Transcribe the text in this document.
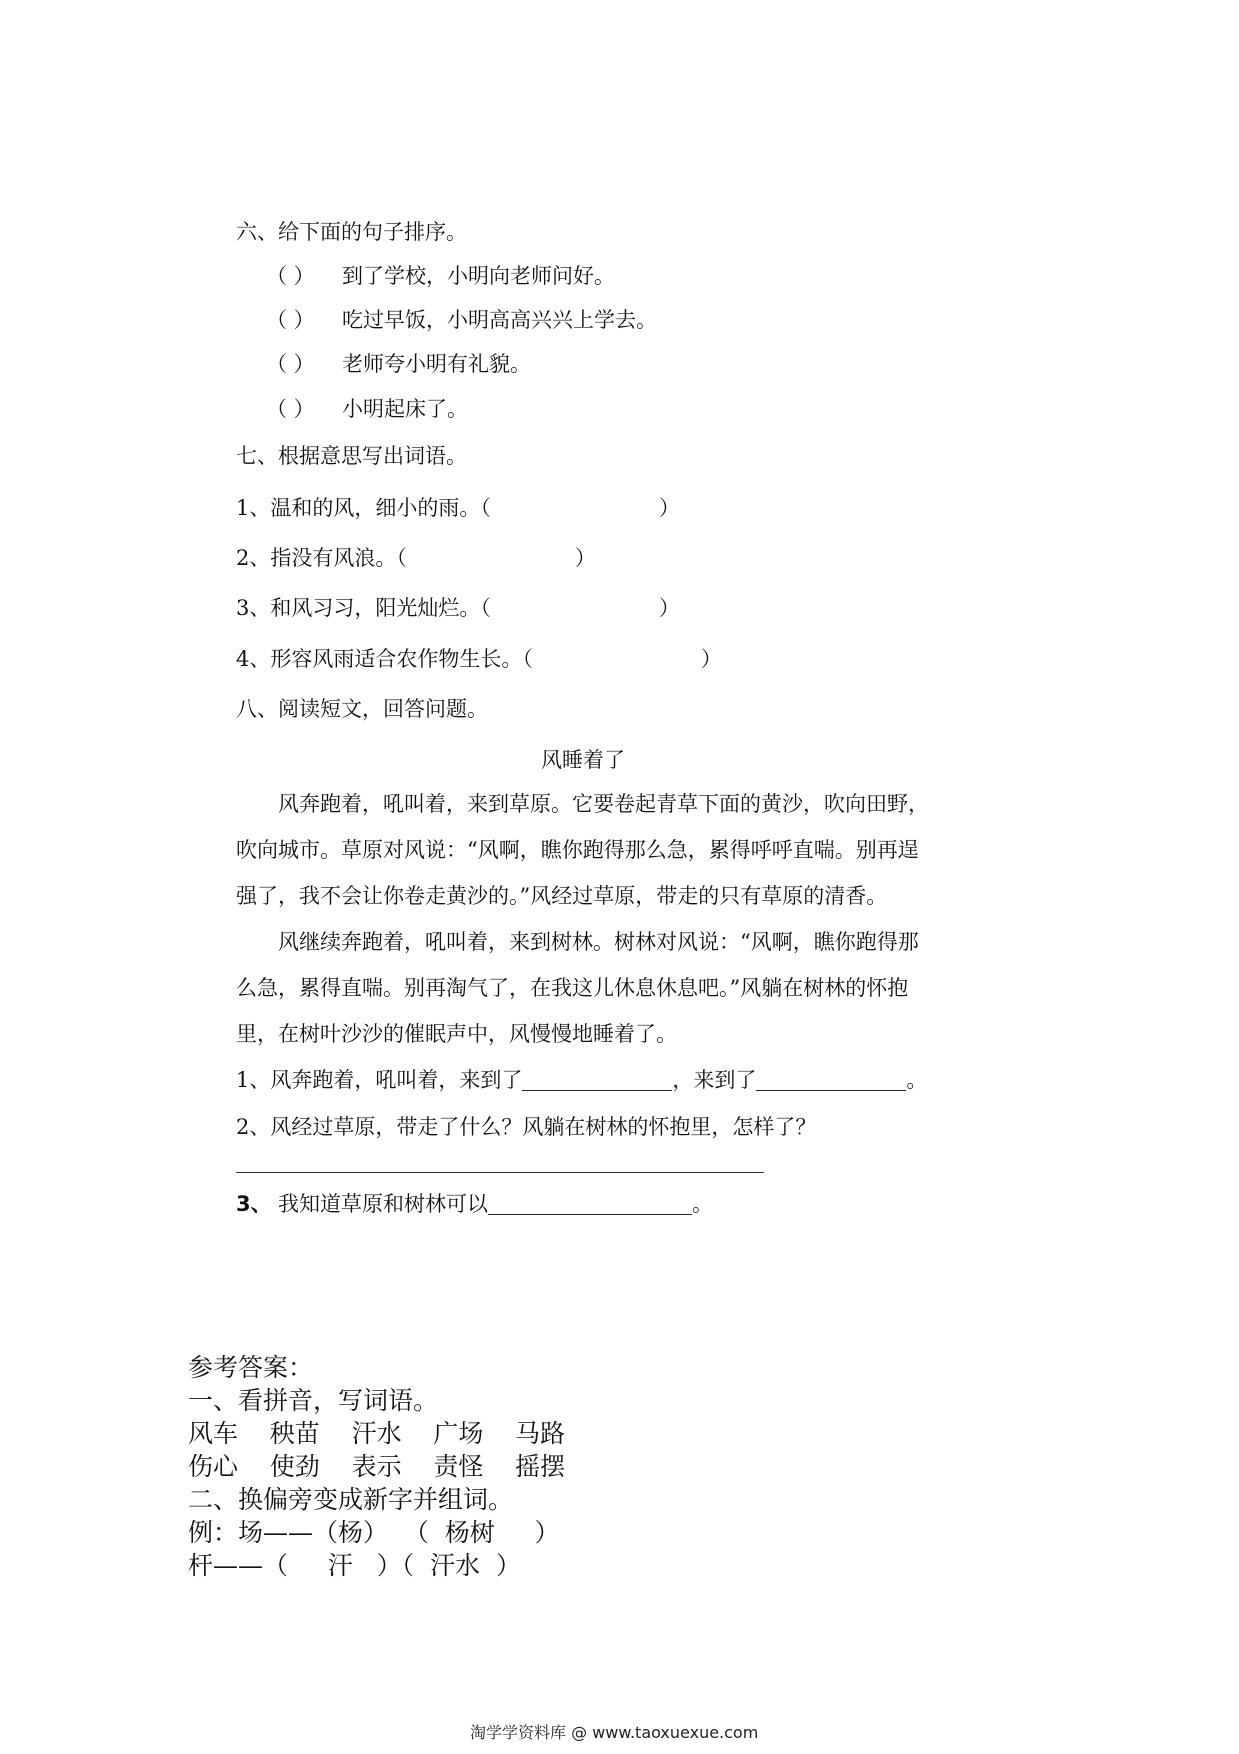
六、给下面的句子排序。
（ ） 到了学校，小明向老师问好。
（ ） 吃过早饭，小明高高兴兴上学去。
（ ） 老师夸小明有礼貌。
（ ） 小明起床了。
七、根据意思写出词语。
1、温和的风，细小的雨。（	）
2、指没有风浪。（	）
3、和风习习，阳光灿烂。（	）
4、形容风雨适合农作物生长。（	）
八、阅读短文，回答问题。
风睡着了
风奔跑着，吼叫着，来到草原。它要卷起青草下面的黄沙，吹向田野，
吹向城市。草原对风说：“风啊，瞧你跑得那么急，累得呼呼直喘。别再逞
强了，我不会让你卷走黄沙的。”风经过草原，带走的只有草原的清香。
风继续奔跑着，吼叫着，来到树林。树林对风说：“风啊，瞧你跑得那
么急，累得直喘。别再淘气了，在我这儿休息休息吧。”风躺在树林的怀抱
里，在树叶沙沙的催眠声中，风慢慢地睡着了。
1、风奔跑着，吼叫着，来到了	，来到了	。
2、风经过草原，带走了什么？风躺在树林的怀抱里，怎样了？
3、 我知道草原和树林可以	。
参考答案：
一、看拼音，写词语。
风车    秧苗    汗水    广场    马路
伤心    使劲    表示    责怪    摇摆
二、换偏旁变成新字并组词。
例：场——（杨）  （  杨树     ）
杆——（     汗   ）（  汗水  ）
淘学学资料库 @ www.taoxuexue.com
